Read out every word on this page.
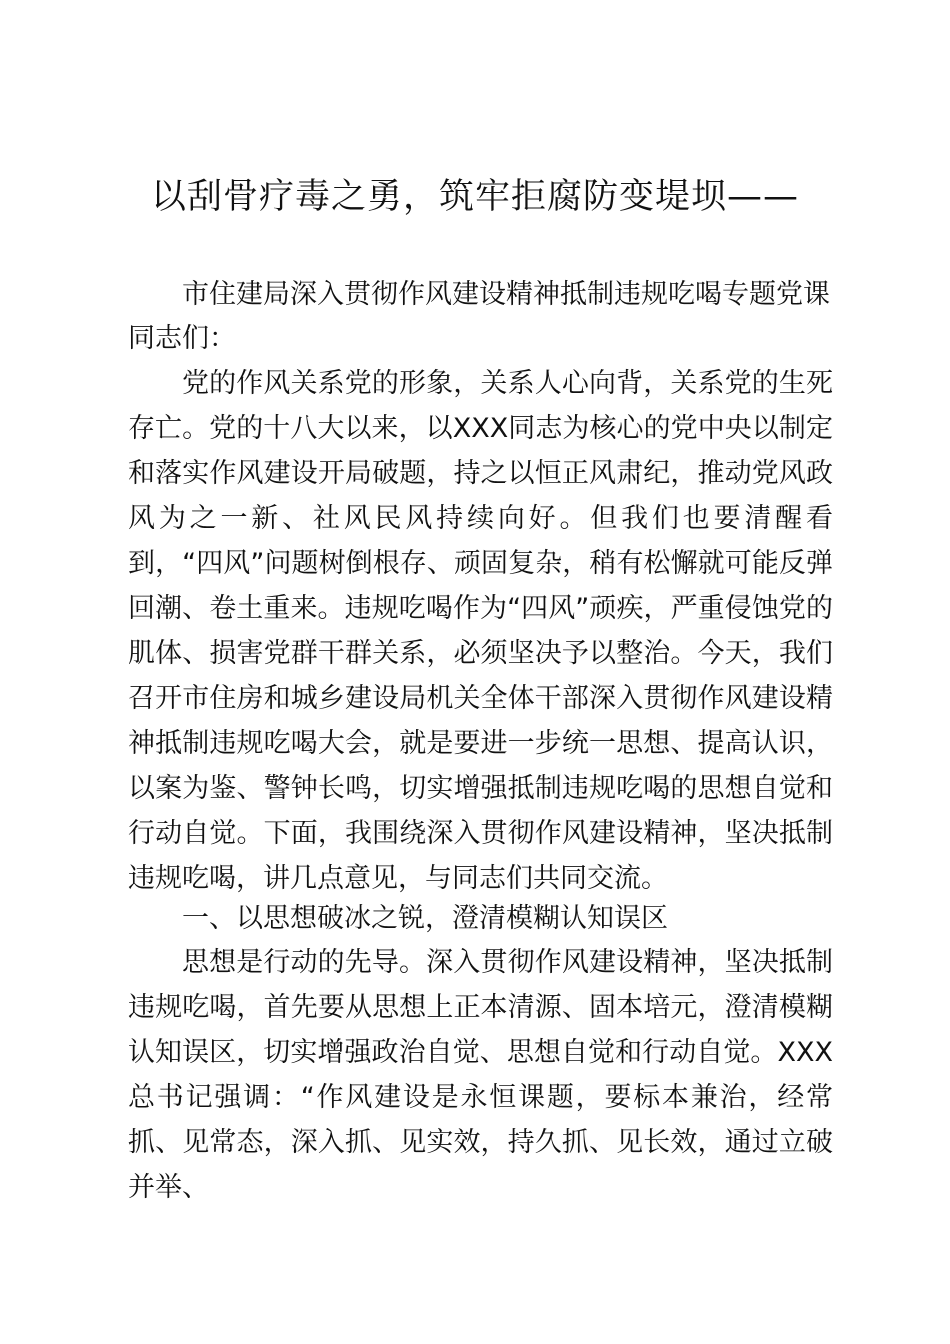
以刮骨疗毒之勇，筑牢拒腐防变堤坝——
市住建局深入贯彻作风建设精神抵制违规吃喝专题党课
同志们：
党的作风关系党的形象，关系人心向背，关系党的生死存亡。党的十八大以来，以XXX同志为核心的党中央以制定和落实作风建设开局破题，持之以恒正风肃纪，推动党风政风为之一新、社风民风持续向好。但我们也要清醒看到，“四风”问题树倒根存、顽固复杂，稍有松懈就可能反弹回潮、卷土重来。违规吃喝作为“四风”顽疾，严重侵蚀党的肌体、损害党群干群关系，必须坚决予以整治。今天，我们召开市住房和城乡建设局机关全体干部深入贯彻作风建设精神抵制违规吃喝大会，就是要进一步统一思想、提高认识，以案为鉴、警钟长鸣，切实增强抵制违规吃喝的思想自觉和行动自觉。下面，我围绕深入贯彻作风建设精神，坚决抵制违规吃喝，讲几点意见，与同志们共同交流。
一、以思想破冰之锐，澄清模糊认知误区
思想是行动的先导。深入贯彻作风建设精神，坚决抵制违规吃喝，首先要从思想上正本清源、固本培元，澄清模糊认知误区，切实增强政治自觉、思想自觉和行动自觉。XXX总书记强调：“作风建设是永恒课题，要标本兼治，经常抓、见常态，深入抓、见实效，持久抓、见长效，通过立破并举、
